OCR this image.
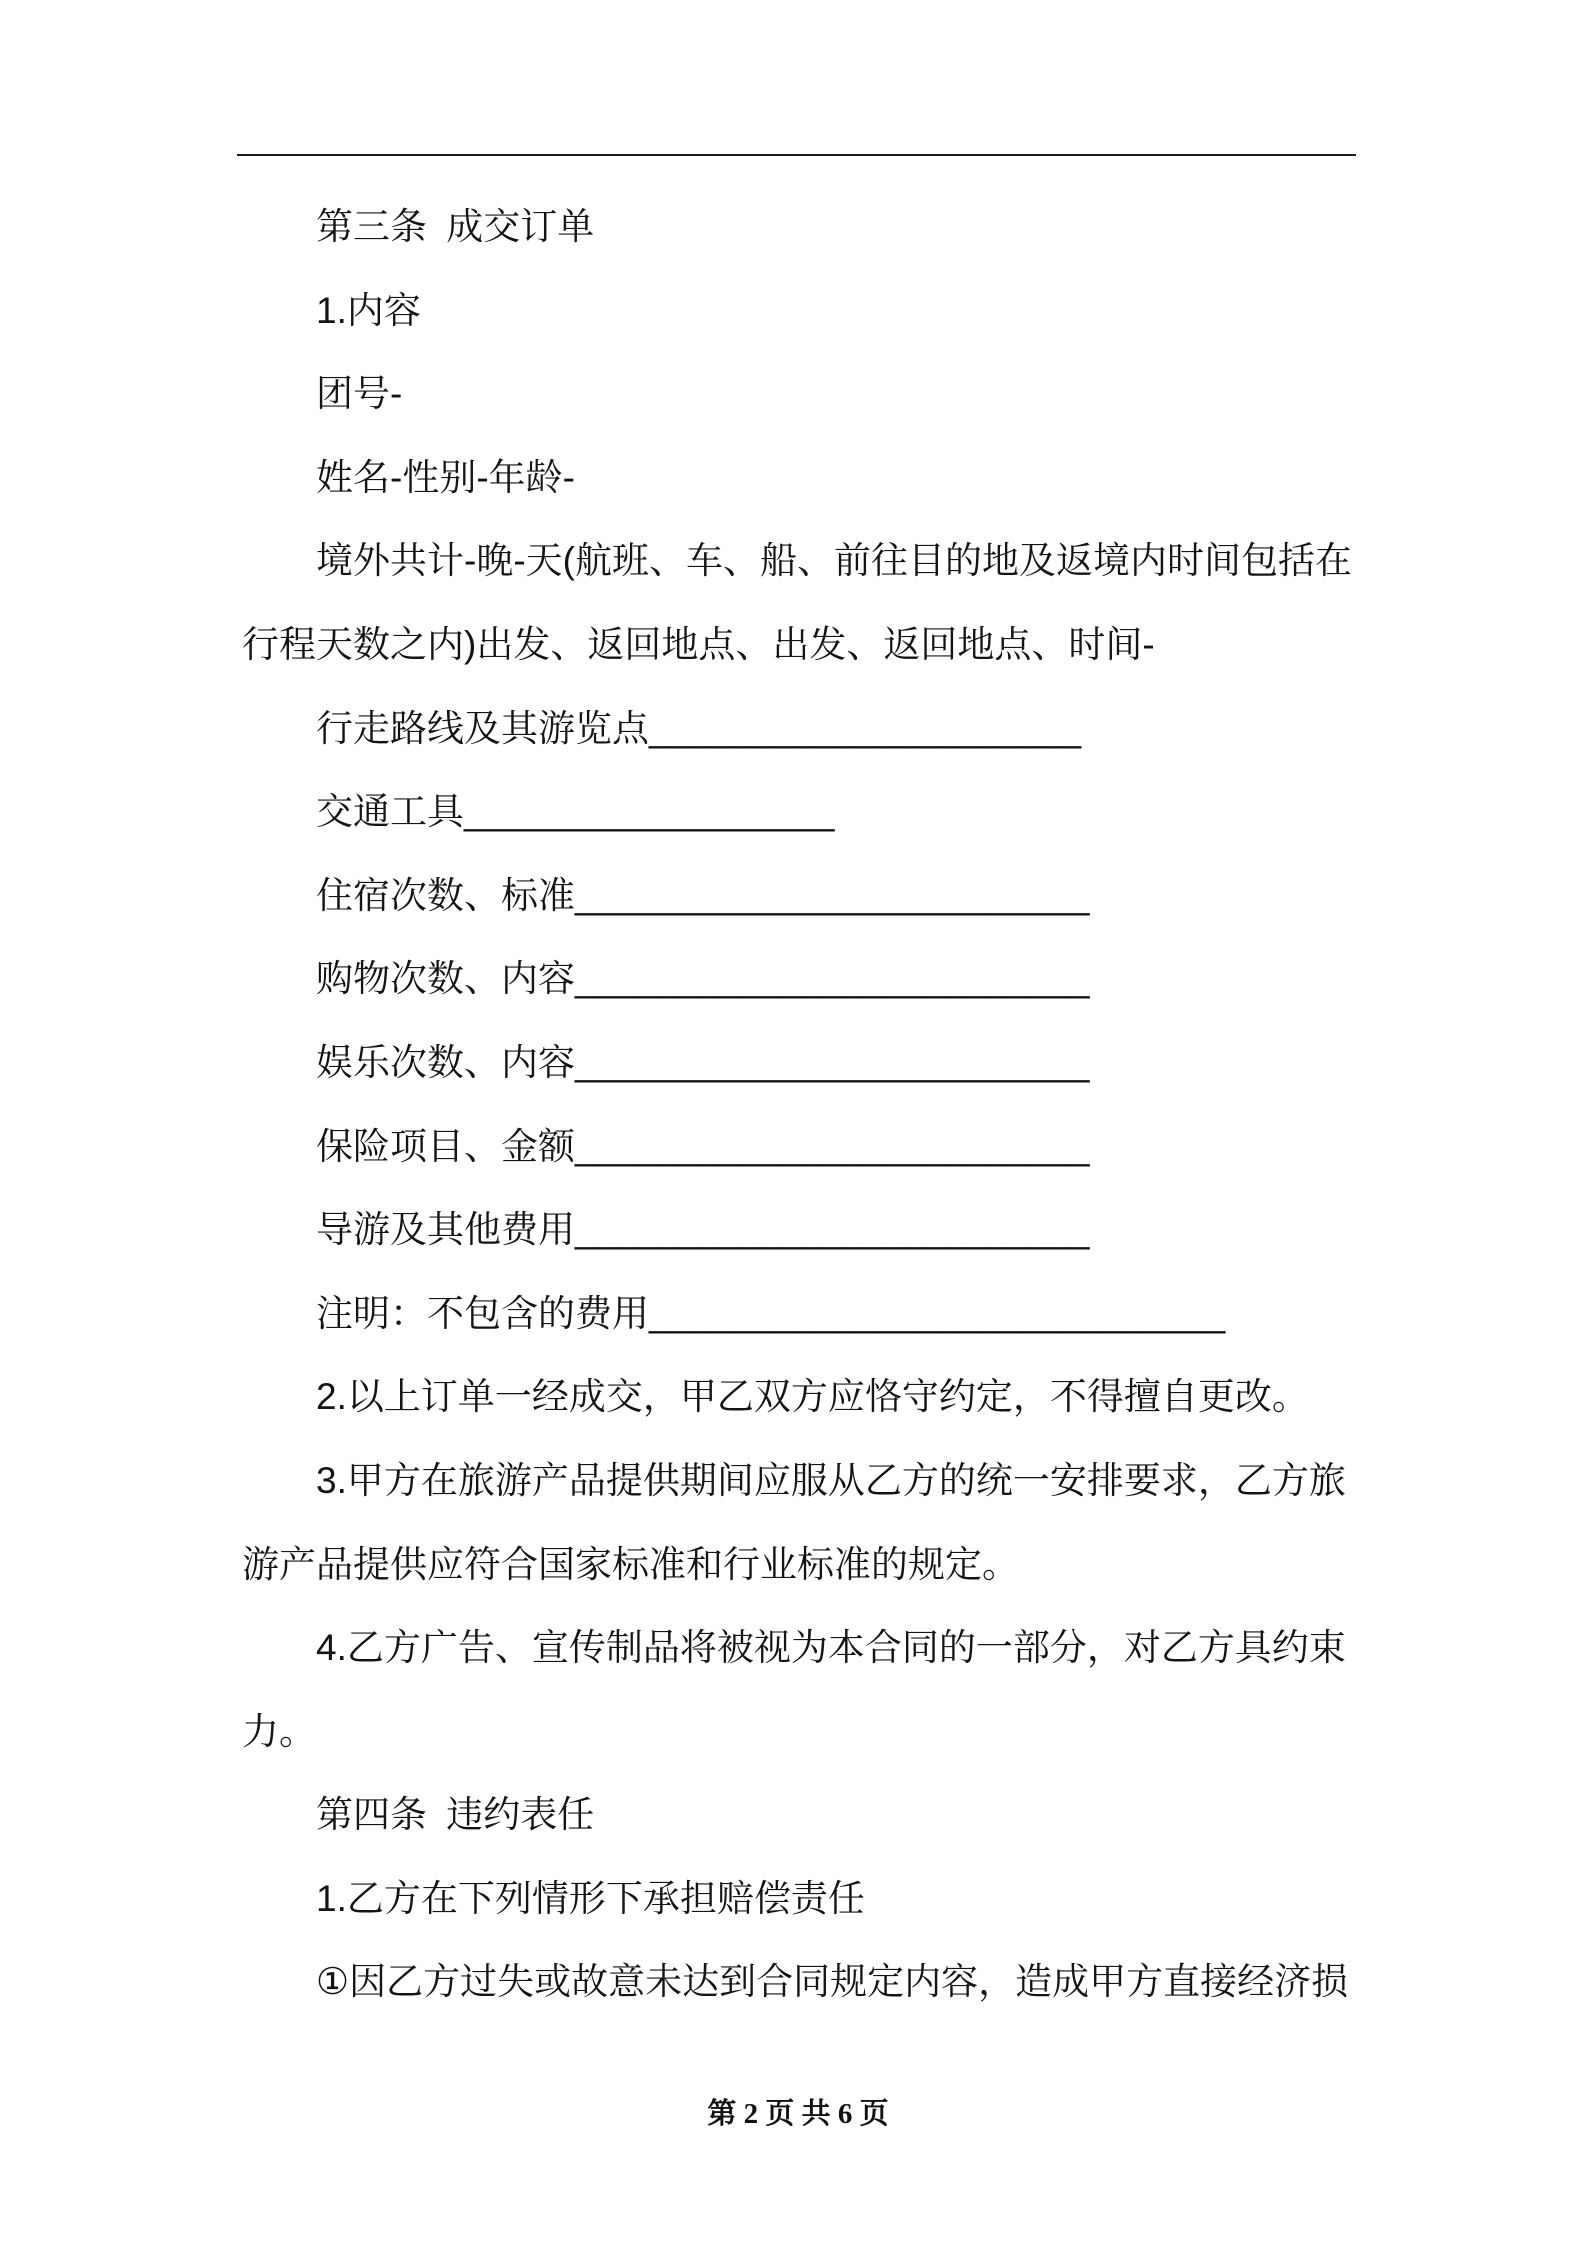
第三条 成交订单
1.内容
团号-
姓名-性别-年龄-
境外共计-晚-天(航班、车、船、前往目的地及返境内时间包括在
行程天数之内)出发、返回地点、出发、返回地点、时间-
行走路线及其游览点_____________________
交通工具__________________
住宿次数、标准_________________________
购物次数、内容_________________________
娱乐次数、内容_________________________
保险项目、金额_________________________
导游及其他费用_________________________
注明：不包含的费用____________________________
2.以上订单一经成交，甲乙双方应恪守约定，不得擅自更改。
3.甲方在旅游产品提供期间应服从乙方的统一安排要求，乙方旅
游产品提供应符合国家标准和行业标准的规定。
4.乙方广告、宣传制品将被视为本合同的一部分，对乙方具约束
力。
第四条 违约表任
1.乙方在下列情形下承担赔偿责任
①因乙方过失或故意未达到合同规定内容，造成甲方直接经济损
第 2 页 共 6 页
